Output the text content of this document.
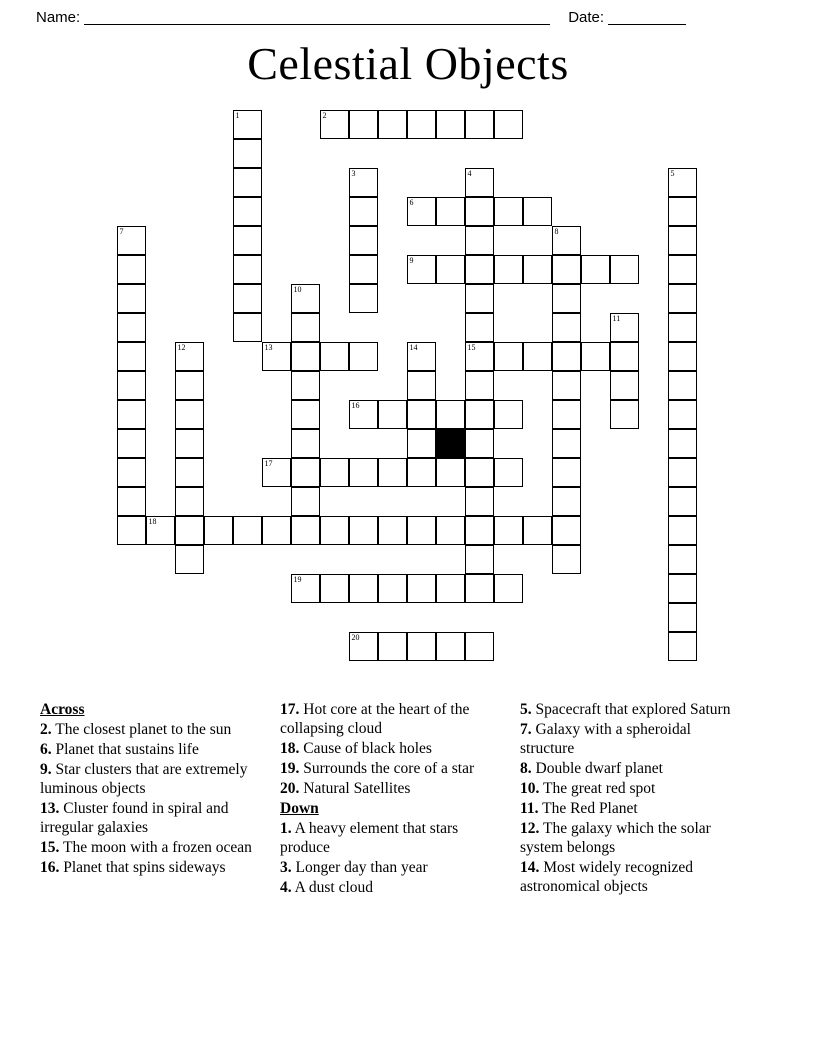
Name:	Date:
Celestial Objects
1	2
3	4
15
5
6
7	8
9
10
11
12	13	14
16
17
18
19
20
Across
2. The closest planet to the sun
6. Planet that sustains life
9. Star clusters that are extremely luminous objects
13. Cluster found in spiral and irregular galaxies
15. The moon with a frozen ocean
16. Planet that spins sideways
17. Hot core at the heart of the collapsing cloud
18. Cause of black holes
19. Surrounds the core of a star
20. Natural Satellites
Down
1. A heavy element that stars produce
3. Longer day than year
4. A dust cloud
5. Spacecraft that explored Saturn
7. Galaxy with a spheroidal structure
8. Double dwarf planet
10. The great red spot
11. The Red Planet
12. The galaxy which the solar system belongs
14. Most widely recognized astronomical objects
